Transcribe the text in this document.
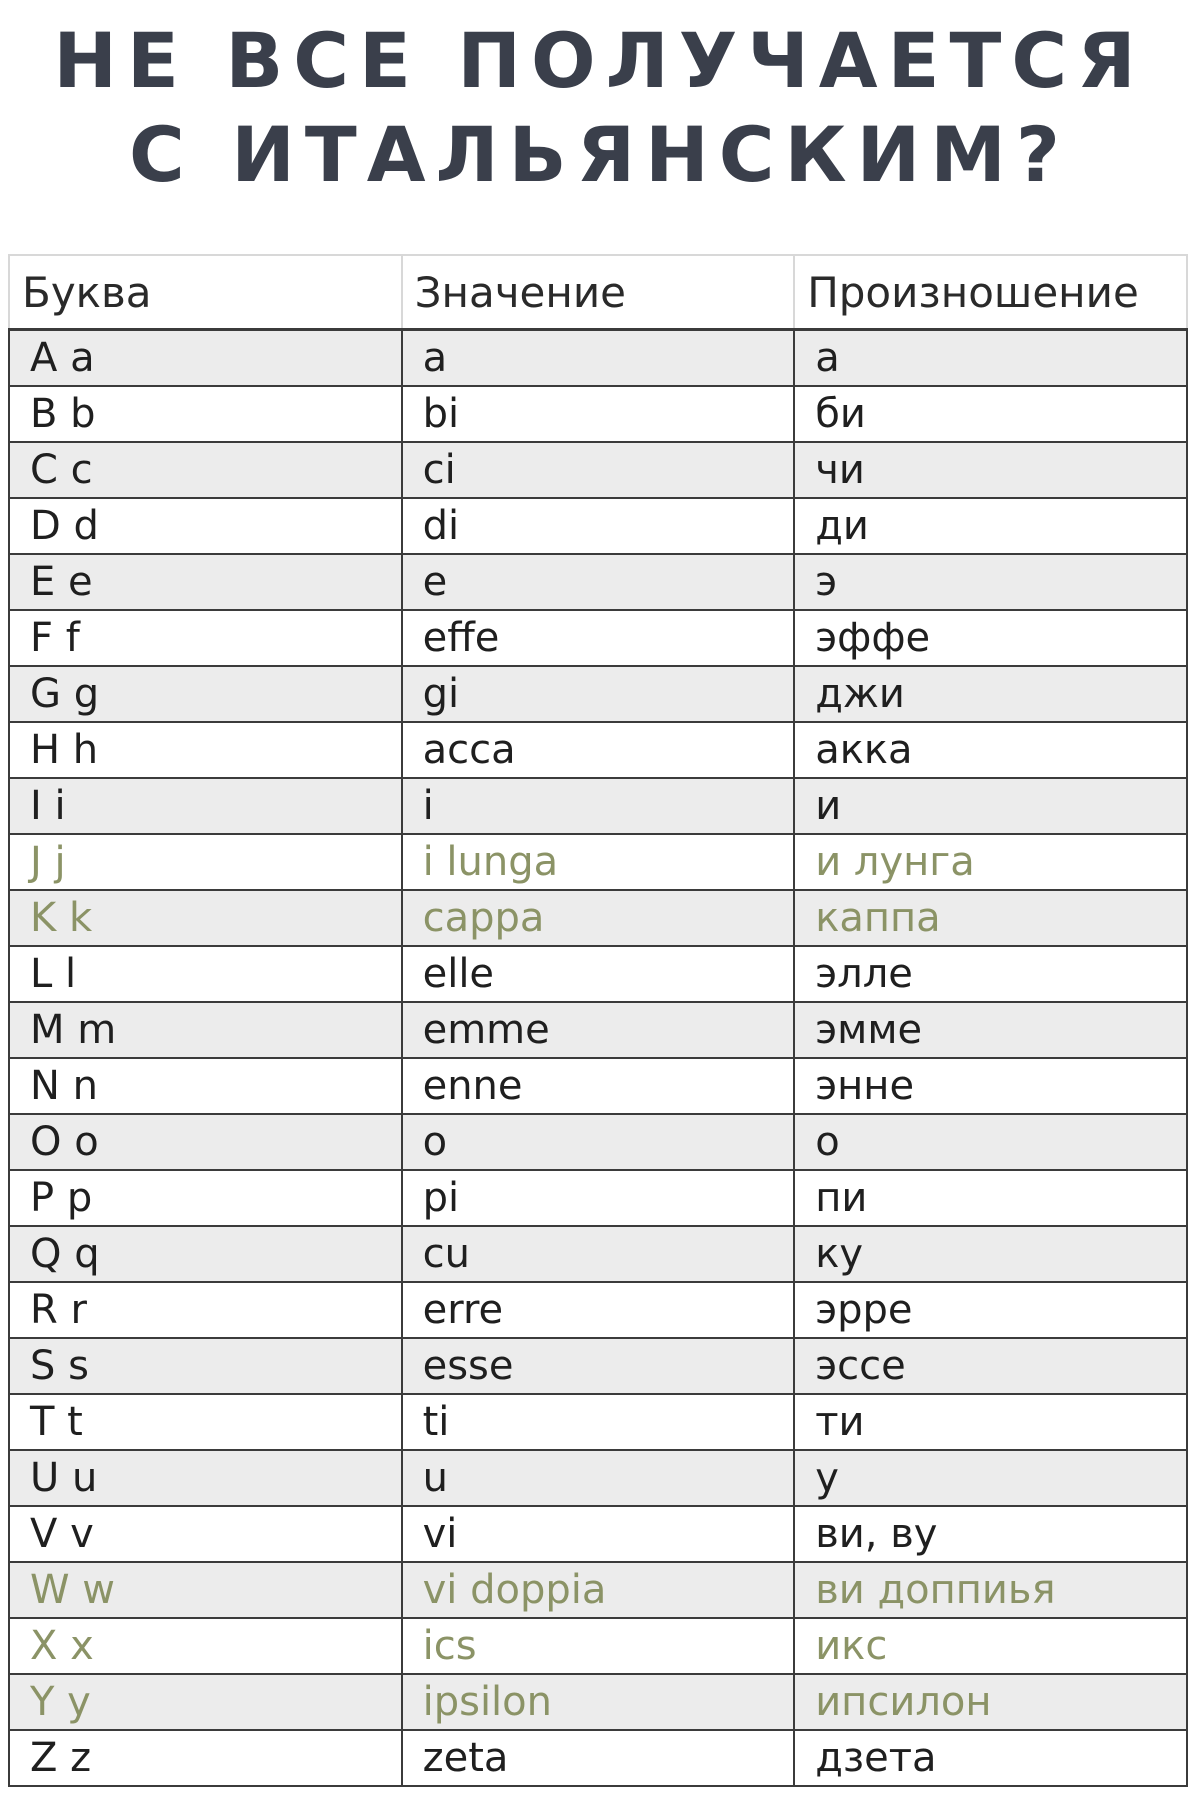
НЕ ВСЕ ПОЛУЧАЕТСЯ
С ИТАЛЬЯНСКИМ?
Буква	Значение	Произношение
A a	a	а
B b	bi	би
C c	ci	чи
D d	di	ди
E e	e	э
F f	effe	эффе
G g	gi	джи
H h	acca	акка
I i	i	и
J j	i lunga	и лунга
K k	cappa	каппа
L l	elle	элле
M m	emme	эмме
N n	enne	энне
O o	o	о
P p	pi	пи
Q q	cu	ку
R r	erre	эрре
S s	esse	эссе
T t	ti	ти
U u	u	у
V v	vi	ви, ву
W w	vi doppia	ви доппиья
X x	ics	икс
Y y	ipsilon	ипсилон
Z z	zeta	дзета
